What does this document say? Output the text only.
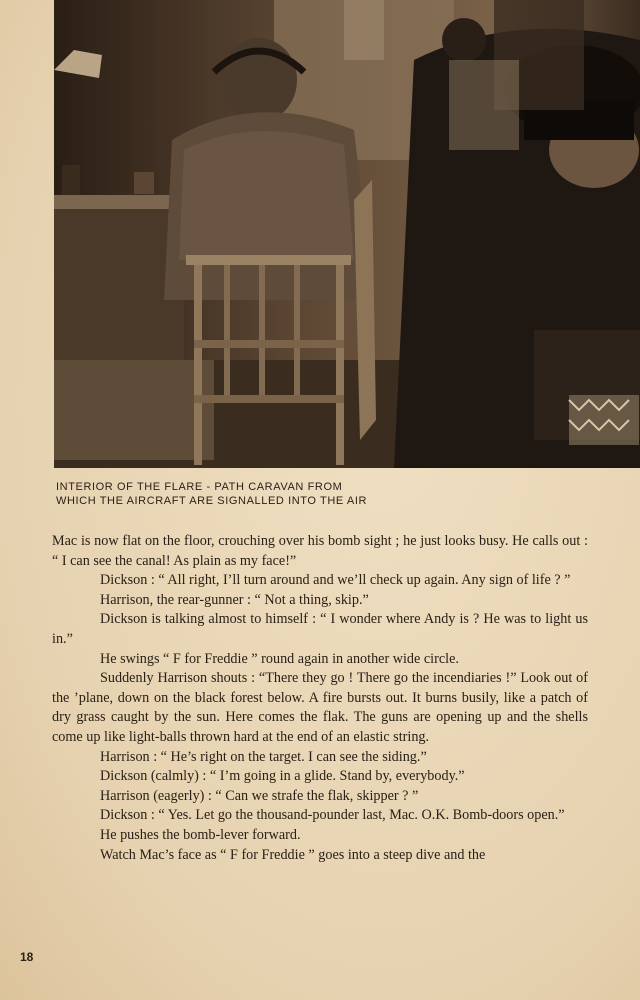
INTERIOR OF THE FLARE - PATH CARAVAN FROM
WHICH THE AIRCRAFT ARE SIGNALLED INTO THE AIR

Mac is now flat on the floor, crouching over his bomb sight ; he just looks busy. He calls out : “ I can see the canal! As plain as my face!”

Dickson : “ All right, I’ll turn around and we’ll check up again. Any sign of life ? ”

Harrison, the rear-gunner : “ Not a thing, skip.”

Dickson is talking almost to himself : “ I wonder where Andy is ? He was to light us in.”

He swings “ F for Freddie ” round again in another wide circle.

Suddenly Harrison shouts : “There they go ! There go the incendiaries !” Look out of the ’plane, down on the black forest below. A fire bursts out. It burns busily, like a patch of dry grass caught by the sun. Here comes the flak. The guns are opening up and the shells come up like light-balls thrown hard at the end of an elastic string.

Harrison : “ He’s right on the target. I can see the siding.”

Dickson (calmly) : “ I’m going in a glide. Stand by, everybody.”

Harrison (eagerly) : “ Can we strafe the flak, skipper ? ”

Dickson : “ Yes. Let go the thousand-pounder last, Mac. O.K. Bomb-doors open.”

He pushes the bomb-lever forward.

Watch Mac’s face as “ F for Freddie ” goes into a steep dive and the

18
